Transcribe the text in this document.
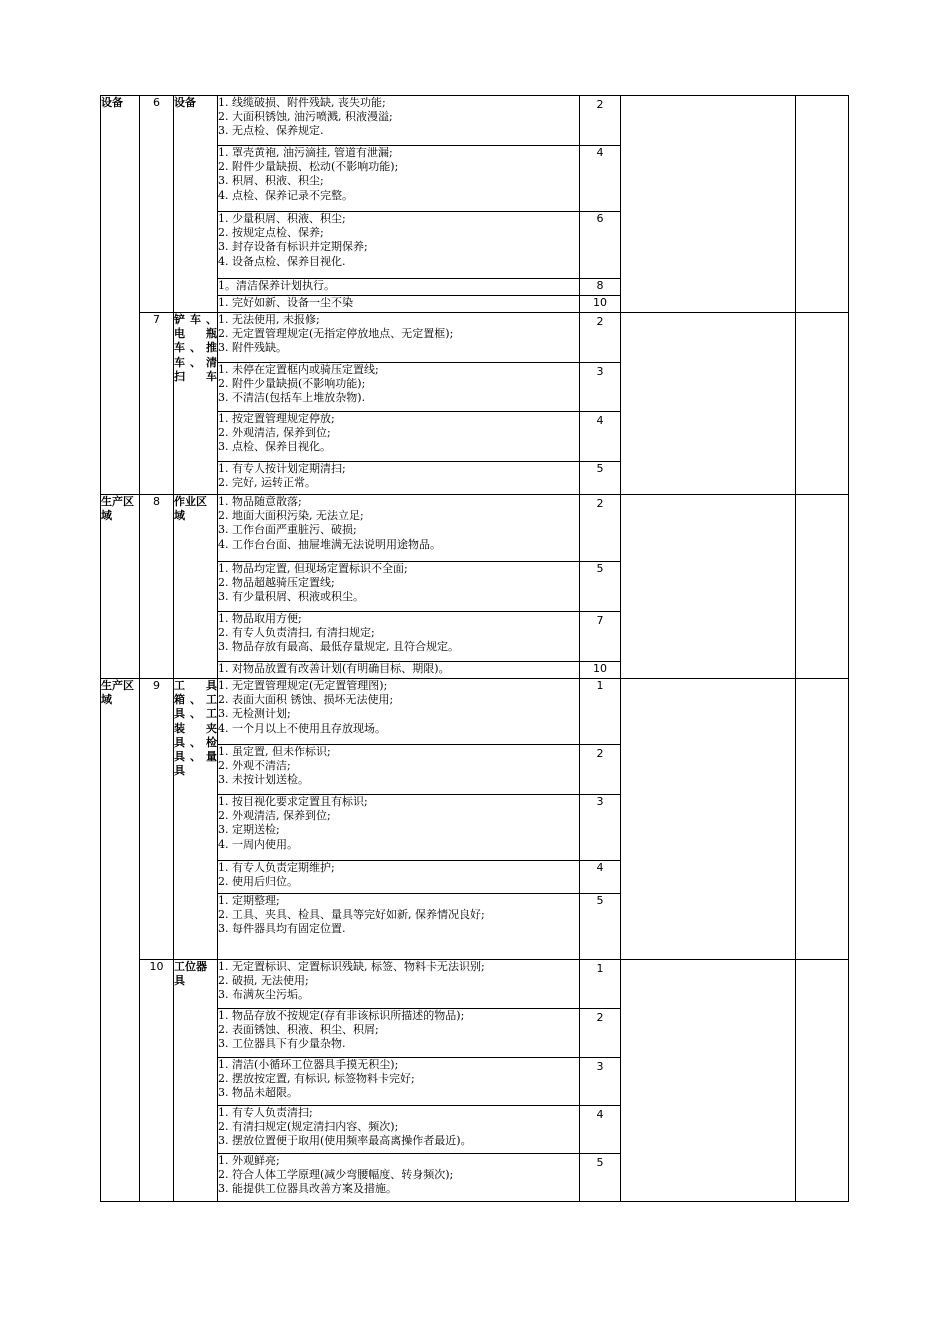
设备	6	设备	1. 线缆破损、附件残缺, 丧失功能;
2. 大面积锈蚀, 油污喷溅, 积液漫溢;
3. 无点检、保养规定.	2		

			1. 罩壳黄袍, 油污滴挂, 管道有泄漏;
2. 附件少量缺损、松动(不影响功能);
3. 积屑、积液、积尘;
4. 点检、保养记录不完整。	4		

			1. 少量积屑、积液、积尘;
2. 按规定点检、保养;
3. 封存设备有标识并定期保养;
4. 设备点检、保养目视化.	6		

			1。清洁保养计划执行。	8		

			1. 完好如新、设备一尘不染	10		
	7	铲车、电瓶车、推车、清扫车	1. 无法使用, 未报修;
2. 无定置管理规定(无指定停放地点、无定置框);
3. 附件残缺。	2		

			1. 未停在定置框内或骑压定置线;
2. 附件少量缺损(不影响功能);
3. 不清洁(包括车上堆放杂物).	3		

			1. 按定置管理规定停放;
2. 外观清洁, 保养到位;
3. 点检、保养目视化。	4		

			1. 有专人按计划定期清扫;
2. 完好, 运转正常。	5		
生产区域	8	作业区域	1. 物品随意散落;
2. 地面大面积污染, 无法立足;
3. 工作台面严重脏污、破损;
4. 工作台台面、抽屉堆满无法说明用途物品。	2		

			1. 物品均定置, 但现场定置标识不全面;
2. 物品超越骑压定置线;
3. 有少量积屑、积液或积尘。	5		

			1. 物品取用方便;
2. 有专人负责清扫, 有清扫规定;
3. 物品存放有最高、最低存量规定, 且符合规定。	7		

			1. 对物品放置有改善计划(有明确目标、期限)。	10		
生产区域	9	工具箱、工具、工装夹具、检具、量具	1. 无定置管理规定(无定置管理图);
2. 表面大面积 锈蚀、损坏无法使用;
3. 无检测计划;
4. 一个月以上不使用且存放现场。	1		

			1. 虽定置, 但未作标识;
2. 外观不清洁;
3. 未按计划送检。	2		

			1. 按目视化要求定置且有标识;
2. 外观清洁, 保养到位;
3. 定期送检;
4. 一周内使用。	3		

			1. 有专人负责定期维护;
2. 使用后归位。	4		

			1. 定期整理;
2. 工具、夹具、检具、量具等完好如新, 保养情况良好;
3. 每件器具均有固定位置.	5		
	10	工位器具	1. 无定置标识、定置标识残缺, 标签、物料卡无法识别;
2. 破损, 无法使用;
3. 布满灰尘污垢。	1		

			1. 物品存放不按规定(存有非该标识所描述的物品);
2. 表面锈蚀、积液、积尘、积屑;
3. 工位器具下有少量杂物.	2		

			1. 清洁(小循环工位器具手摸无积尘);
2. 摆放按定置, 有标识, 标签物料卡完好;
3. 物品未超限。	3		

			1. 有专人负责清扫;
2. 有清扫规定(规定清扫内容、频次);
3. 摆放位置便于取用(使用频率最高离操作者最近)。	4		

			1. 外观鲜亮;
2. 符合人体工学原理(减少弯腰幅度、转身频次);
3. 能提供工位器具改善方案及措施。	5		
